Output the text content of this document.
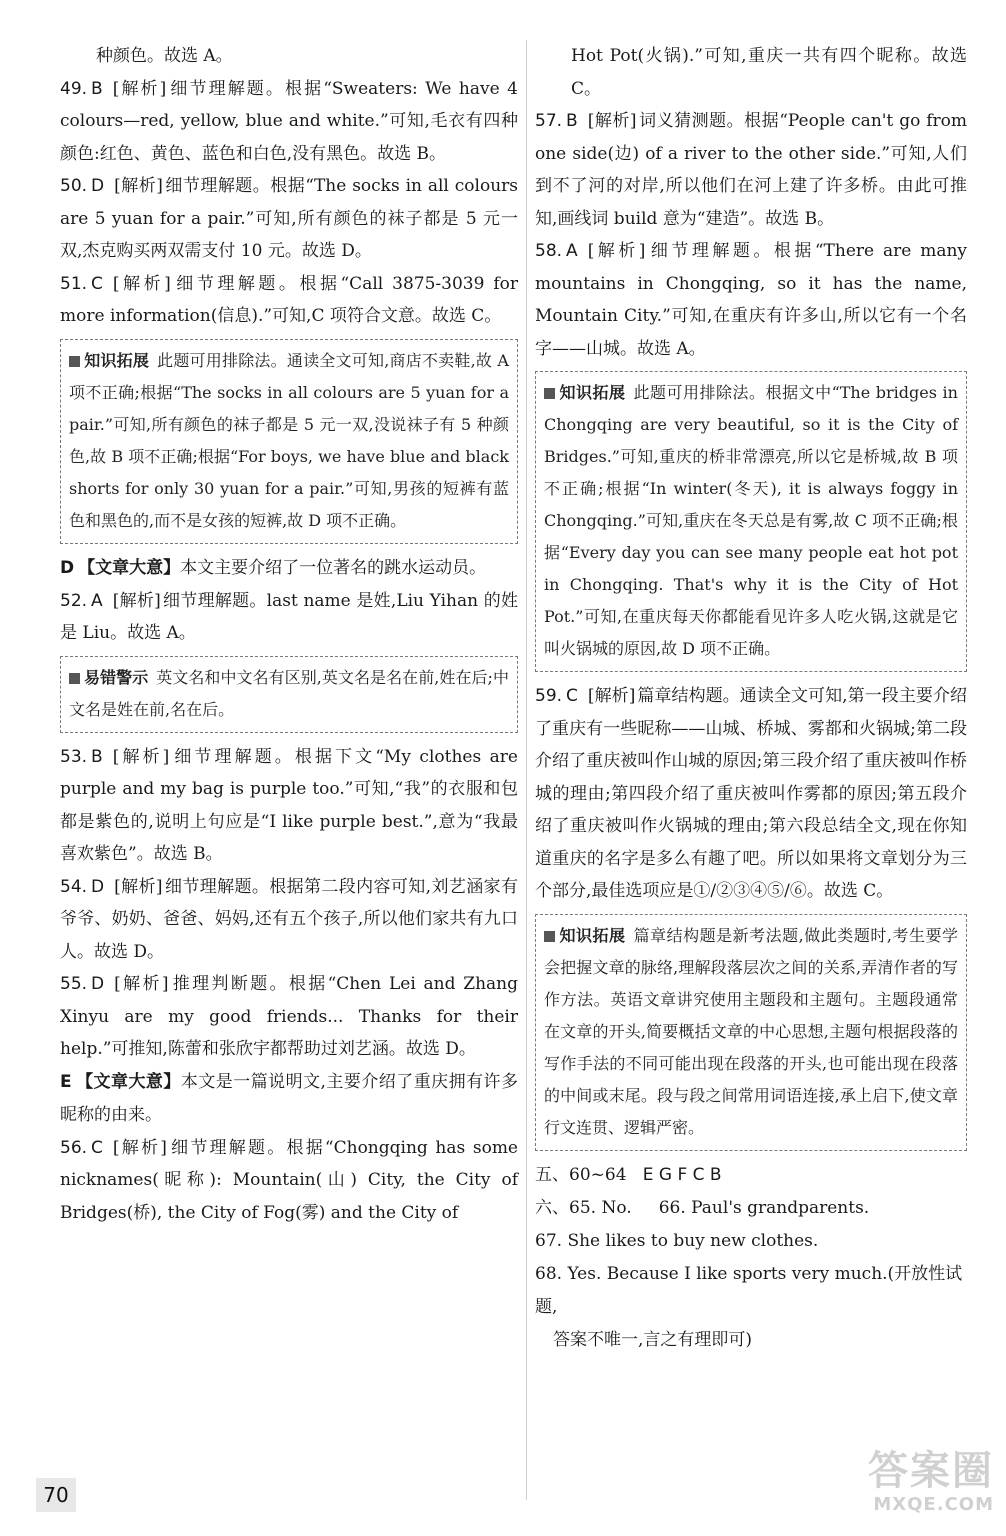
种颜色。故选 A。

49. B [解析] 细节理解题。根据“Sweaters: We have 4 colours—red, yellow, blue and white.”可知,毛衣有四种颜色:红色、黄色、蓝色和白色,没有黑色。故选 B。

50. D [解析] 细节理解题。根据“The socks in all colours are 5 yuan for a pair.”可知,所有颜色的袜子都是 5 元一双,杰克购买两双需支付 10 元。故选 D。

51. C [解析] 细节理解题。根据“Call 3875-3039 for more information(信息).”可知,C 项符合文意。故选 C。

知识拓展 此题可用排除法。通读全文可知,商店不卖鞋,故 A 项不正确;根据“The socks in all colours are 5 yuan for a pair.”可知,所有颜色的袜子都是 5 元一双,没说袜子有 5 种颜色,故 B 项不正确;根据“For boys, we have blue and black shorts for only 30 yuan for a pair.”可知,男孩的短裤有蓝色和黑色的,而不是女孩的短裤,故 D 项不正确。

D 【文章大意】本文主要介绍了一位著名的跳水运动员。

52. A [解析] 细节理解题。last name 是姓,Liu Yihan 的姓是 Liu。故选 A。

易错警示 英文名和中文名有区别,英文名是名在前,姓在后;中文名是姓在前,名在后。

53. B [解析] 细节理解题。根据下文“My clothes are purple and my bag is purple too.”可知,“我”的衣服和包都是紫色的,说明上句应是“I like purple best.”,意为“我最喜欢紫色”。故选 B。

54. D [解析] 细节理解题。根据第二段内容可知,刘艺涵家有爷爷、奶奶、爸爸、妈妈,还有五个孩子,所以他们家共有九口人。故选 D。

55. D [解析] 推理判断题。根据“Chen Lei and Zhang Xinyu are my good friends... Thanks for their help.”可推知,陈蕾和张欣宇都帮助过刘艺涵。故选 D。

E 【文章大意】本文是一篇说明文,主要介绍了重庆拥有许多昵称的由来。

56. C [解析] 细节理解题。根据“Chongqing has some nicknames(昵称): Mountain(山) City, the City of Bridges(桥), the City of Fog(雾) and the City of

Hot Pot(火锅).”可知,重庆一共有四个昵称。故选 C。

57. B [解析] 词义猜测题。根据“People can't go from one side(边) of a river to the other side.”可知,人们到不了河的对岸,所以他们在河上建了许多桥。由此可推知,画线词 build 意为“建造”。故选 B。

58. A [解析] 细节理解题。根据“There are many mountains in Chongqing, so it has the name, Mountain City.”可知,在重庆有许多山,所以它有一个名字——山城。故选 A。

知识拓展 此题可用排除法。根据文中“The bridges in Chongqing are very beautiful, so it is the City of Bridges.”可知,重庆的桥非常漂亮,所以它是桥城,故 B 项不正确;根据“In winter(冬天), it is always foggy in Chongqing.”可知,重庆在冬天总是有雾,故 C 项不正确;根据“Every day you can see many people eat hot pot in Chongqing. That's why it is the City of Hot Pot.”可知,在重庆每天你都能看见许多人吃火锅,这就是它叫火锅城的原因,故 D 项不正确。

59. C [解析] 篇章结构题。通读全文可知,第一段主要介绍了重庆有一些昵称——山城、桥城、雾都和火锅城;第二段介绍了重庆被叫作山城的原因;第三段介绍了重庆被叫作桥城的理由;第四段介绍了重庆被叫作雾都的原因;第五段介绍了重庆被叫作火锅城的理由;第六段总结全文,现在你知道重庆的名字是多么有趣了吧。所以如果将文章划分为三个部分,最佳选项应是①/②③④⑤/⑥。故选 C。

知识拓展 篇章结构题是新考法题,做此类题时,考生要学会把握文章的脉络,理解段落层次之间的关系,弄清作者的写作方法。英语文章讲究使用主题段和主题句。主题段通常在文章的开头,简要概括文章的中心思想,主题句根据段落的写作手法的不同可能出现在段落的开头,也可能出现在段落的中间或末尾。段与段之间常用词语连接,承上启下,使文章行文连贯、逻辑严密。

五、60~64 E G F C B

六、65. No. 66. Paul's grandparents.

67. She likes to buy new clothes.

68. Yes. Because I like sports very much.(开放性试题,

答案不唯一,言之有理即可)

70
答案圈
MXQE.COM
